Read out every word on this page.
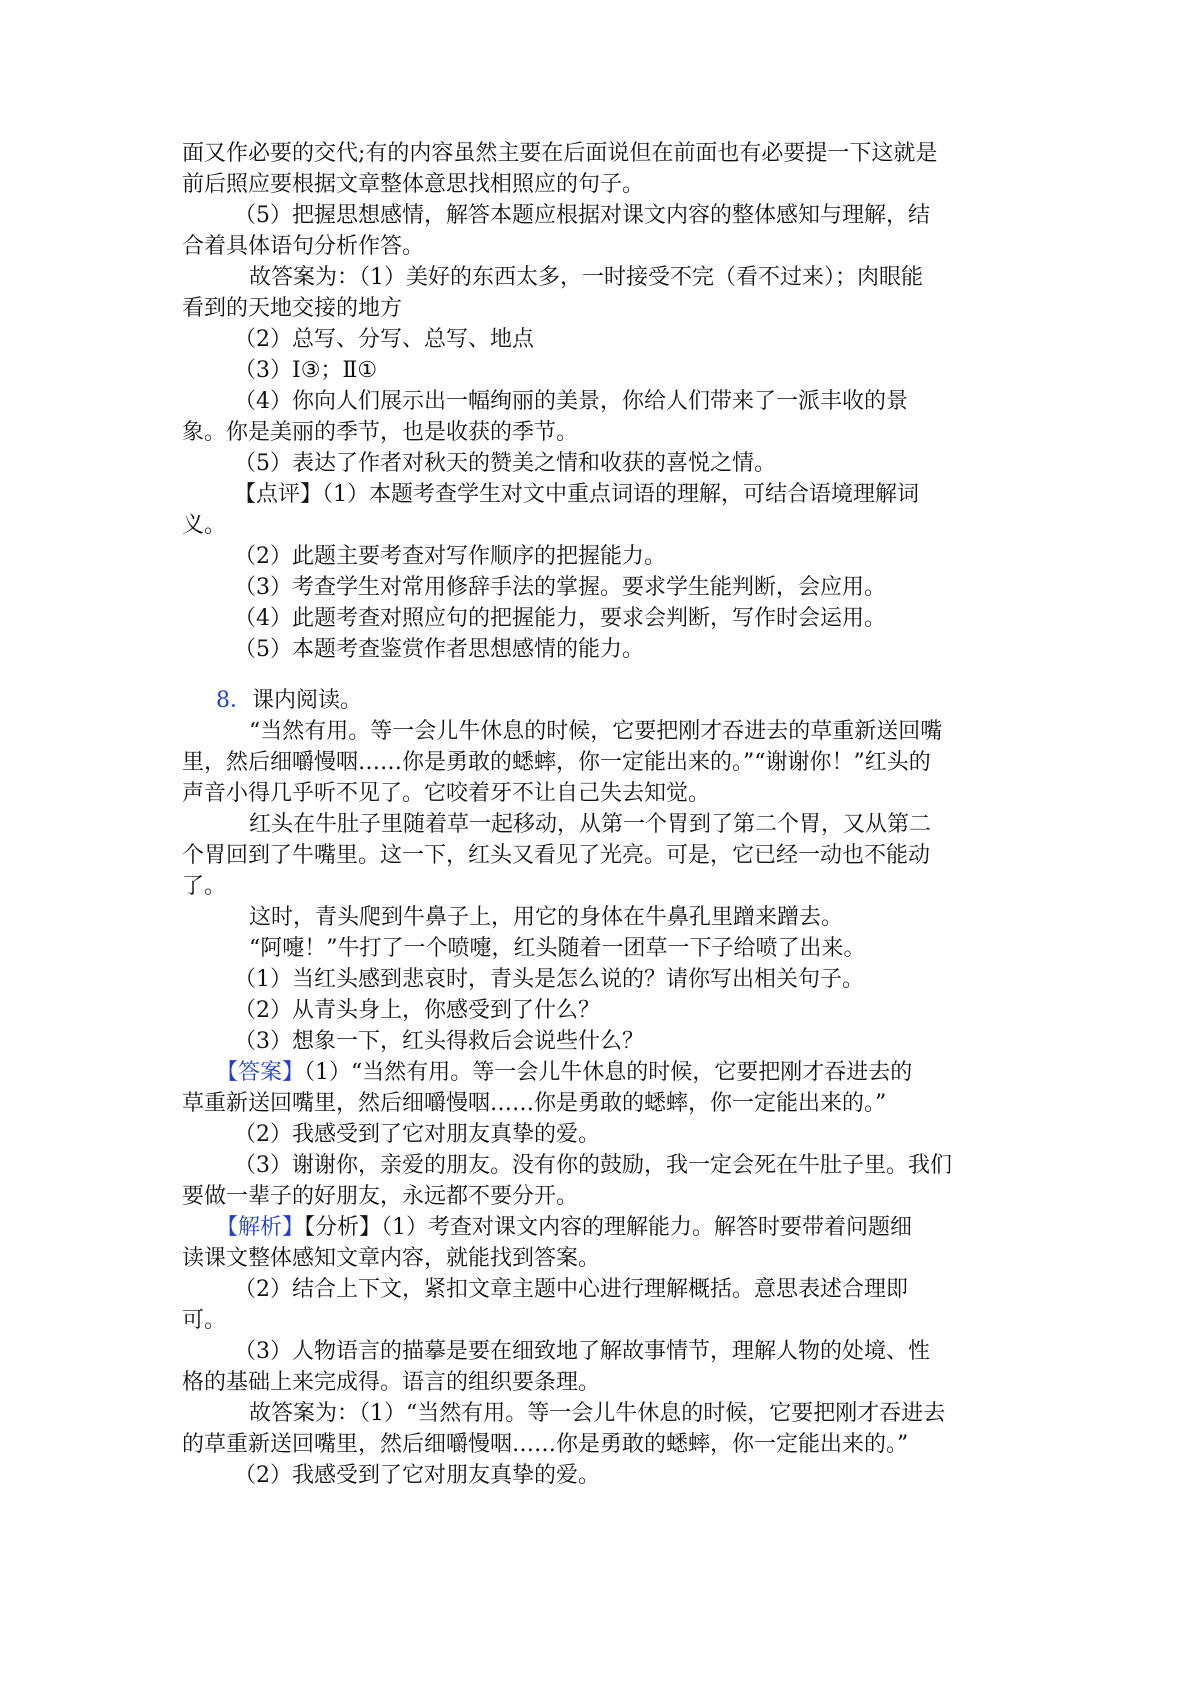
面又作必要的交代;有的内容虽然主要在后面说但在前面也有必要提一下这就是

前后照应要根据文章整体意思找相照应的句子。

（5）把握思想感情，解答本题应根据对课文内容的整体感知与理解，结

合着具体语句分析作答。

故答案为：（1）美好的东西太多，一时接受不完（看不过来）；肉眼能

看到的天地交接的地方

（2）总写、分写、总写、地点

（3）Ⅰ③；Ⅱ①

（4）你向人们展示出一幅绚丽的美景，你给人们带来了一派丰收的景

象。你是美丽的季节，也是收获的季节。

（5）表达了作者对秋天的赞美之情和收获的喜悦之情。

【点评】（1）本题考查学生对文中重点词语的理解，可结合语境理解词

义。

（2）此题主要考查对写作顺序的把握能力。

（3）考查学生对常用修辞手法的掌握。要求学生能判断，会应用。

（4）此题考查对照应句的把握能力，要求会判断，写作时会运用。

（5）本题考查鉴赏作者思想感情的能力。

8．课内阅读。

“当然有用。等一会儿牛休息的时候，它要把刚才吞进去的草重新送回嘴

里，然后细嚼慢咽……你是勇敢的蟋蟀，你一定能出来的。”“谢谢你！”红头的

声音小得几乎听不见了。它咬着牙不让自己失去知觉。

红头在牛肚子里随着草一起移动，从第一个胃到了第二个胃，又从第二

个胃回到了牛嘴里。这一下，红头又看见了光亮。可是，它已经一动也不能动

了。

这时，青头爬到牛鼻子上，用它的身体在牛鼻孔里蹭来蹭去。

“阿嚏！”牛打了一个喷嚏，红头随着一团草一下子给喷了出来。

（1）当红头感到悲哀时，青头是怎么说的？请你写出相关句子。

（2）从青头身上，你感受到了什么？

（3）想象一下，红头得救后会说些什么？

【答案】（1）“当然有用。等一会儿牛休息的时候，它要把刚才吞进去的

草重新送回嘴里，然后细嚼慢咽……你是勇敢的蟋蟀，你一定能出来的。”

（2）我感受到了它对朋友真挚的爱。

（3）谢谢你，亲爱的朋友。没有你的鼓励，我一定会死在牛肚子里。我们

要做一辈子的好朋友，永远都不要分开。

【解析】【分析】（1）考查对课文内容的理解能力。解答时要带着问题细

读课文整体感知文章内容，就能找到答案。

（2）结合上下文，紧扣文章主题中心进行理解概括。意思表述合理即

可。

（3）人物语言的描摹是要在细致地了解故事情节，理解人物的处境、性

格的基础上来完成得。语言的组织要条理。

故答案为：（1）“当然有用。等一会儿牛休息的时候，它要把刚才吞进去

的草重新送回嘴里，然后细嚼慢咽……你是勇敢的蟋蟀，你一定能出来的。”

（2）我感受到了它对朋友真挚的爱。
